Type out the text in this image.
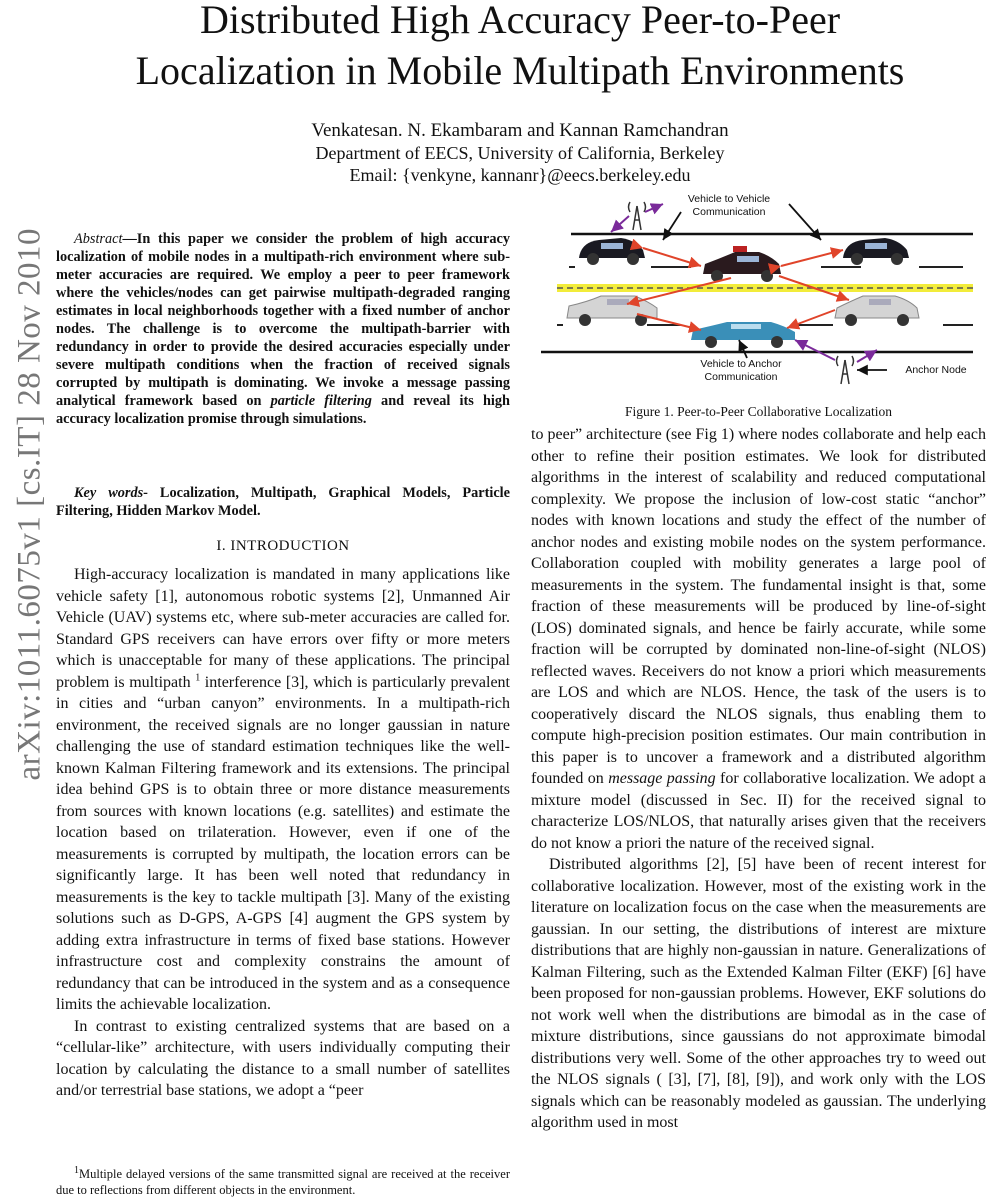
arXiv:1011.6075v1 [cs.IT] 28 Nov 2010
Distributed High Accuracy Peer-to-Peer
Localization in Mobile Multipath Environments
Venkatesan. N. Ekambaram and Kannan Ramchandran
Department of EECS, University of California, Berkeley
Email: {venkyne, kannanr}@eecs.berkeley.edu

Abstract—In this paper we consider the problem of high accuracy localization of mobile nodes in a multipath-rich environment where sub-meter accuracies are required. We employ a peer to peer framework where the vehicles/nodes can get pairwise multipath-degraded ranging estimates in local neighborhoods together with a fixed number of anchor nodes. The challenge is to overcome the multipath-barrier with redundancy in order to provide the desired accuracies especially under severe multipath conditions when the fraction of received signals corrupted by multipath is dominating. We invoke a message passing analytical framework based on particle filtering and reveal its high accuracy localization promise through simulations.

Key words- Localization, Multipath, Graphical Models, Particle Filtering, Hidden Markov Model.

I. INTRODUCTION

High-accuracy localization is mandated in many applications like vehicle safety [1], autonomous robotic systems [2], Unmanned Air Vehicle (UAV) systems etc, where sub-meter accuracies are called for. Standard GPS receivers can have errors over fifty or more meters which is unacceptable for many of these applications. The principal problem is multipath $^1$ interference [3], which is particularly prevalent in cities and “urban canyon” environments. In a multipath-rich environment, the received signals are no longer gaussian in nature challenging the use of standard estimation techniques like the well-known Kalman Filtering framework and its extensions. The principal idea behind GPS is to obtain three or more distance measurements from sources with known locations (e.g. satellites) and estimate the location based on trilateration. However, even if one of the measurements is corrupted by multipath, the location errors can be significantly large. It has been well noted that redundancy in measurements is the key to tackle multipath [3]. Many of the existing solutions such as D-GPS, A-GPS [4] augment the GPS system by adding extra infrastructure in terms of fixed base stations. However infrastructure cost and complexity constrains the amount of redundancy that can be introduced in the system and as a consequence limits the achievable localization.

In contrast to existing centralized systems that are based on a “cellular-like” architecture, with users individually computing their location by calculating the distance to a small number of satellites and/or terrestrial base stations, we adopt a “peer

$^1$Multiple delayed versions of the same transmitted signal are received at the receiver due to reflections from different objects in the environment.

Vehicle to Vehicle
Communication
Vehicle to Anchor
Communication
Anchor Node
Figure 1. Peer-to-Peer Collaborative Localization

to peer” architecture (see Fig 1) where nodes collaborate and help each other to refine their position estimates. We look for distributed algorithms in the interest of scalability and reduced computational complexity. We propose the inclusion of low-cost static “anchor” nodes with known locations and study the effect of the number of anchor nodes and existing mobile nodes on the system performance. Collaboration coupled with mobility generates a large pool of measurements in the system. The fundamental insight is that, some fraction of these measurements will be produced by line-of-sight (LOS) dominated signals, and hence be fairly accurate, while some fraction will be corrupted by dominated non-line-of-sight (NLOS) reflected waves. Receivers do not know a priori which measurements are LOS and which are NLOS. Hence, the task of the users is to cooperatively discard the NLOS signals, thus enabling them to compute high-precision position estimates. Our main contribution in this paper is to uncover a framework and a distributed algorithm founded on message passing for collaborative localization. We adopt a mixture model (discussed in Sec. II) for the received signal to characterize LOS/NLOS, that naturally arises given that the receivers do not know a priori the nature of the received signal.

Distributed algorithms [2], [5] have been of recent interest for collaborative localization. However, most of the existing work in the literature on localization focus on the case when the measurements are gaussian. In our setting, the distributions of interest are mixture distributions that are highly non-gaussian in nature. Generalizations of Kalman Filtering, such as the Extended Kalman Filter (EKF) [6] have been proposed for non-gaussian problems. However, EKF solutions do not work well when the distributions are bimodal as in the case of mixture distributions, since gaussians do not approximate bimodal distributions very well. Some of the other approaches try to weed out the NLOS signals ( [3], [7], [8], [9]), and work only with the LOS signals which can be reasonably modeled as gaussian. The underlying algorithm used in most
